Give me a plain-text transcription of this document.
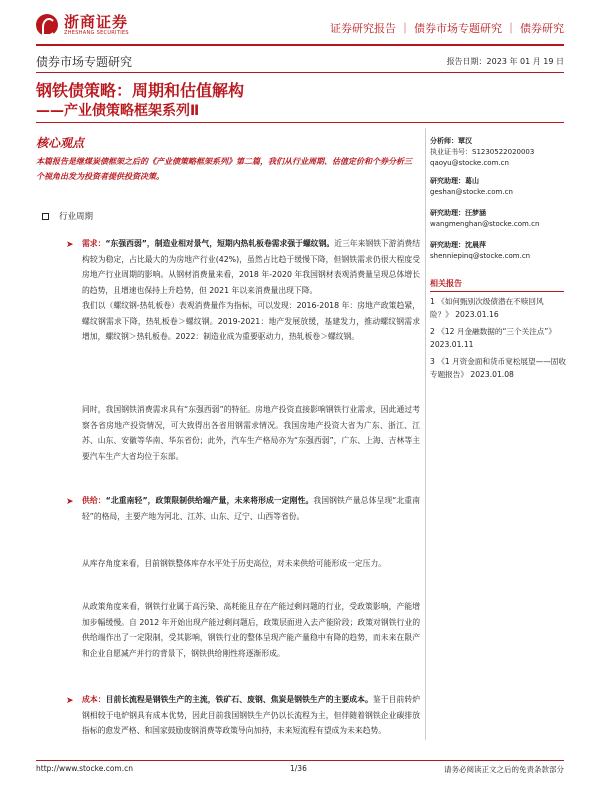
浙商证券
ZHESHANG SECURITIES	证券研究报告 ｜ 债券市场专题研究 ｜ 债券研究
债券市场专题研究	报告日期：2023 年 01 月 19 日
钢铁债策略：周期和估值解构
——产业债策略框架系列Ⅱ
核心观点
本篇报告是继煤炭债框架之后的《产业债策略框架系列》第二篇，我们从行业周期、估值定价和个券分析三个视角出发为投资者提供投资决策。
行业周期
➤ 需求：“东强西弱”，制造业相对景气，短期内热轧板卷需求强于螺纹钢。近三年来钢铁下游消费结构较为稳定，占比最大的为房地产行业(42%)，虽然占比趋于缓慢下降，但钢铁需求仍很大程度受房地产行业周期的影响。从钢材消费量来看，2018 年-2020 年我国钢材表观消费量呈现总体增长的趋势，且增速也保持上升趋势，但 2021 年以来消费量出现下降。
我们以（螺纹钢-热轧板卷）表观消费量作为指标，可以发现：2016-2018 年：房地产政策趋紧，螺纹钢需求下降，热轧板卷＞螺纹钢。2019-2021：地产发展放缓，基建发力，推动螺纹钢需求增加，螺纹钢＞热轧板卷。2022：制造业成为重要驱动力，热轧板卷＞螺纹钢。
同时，我国钢铁消费需求具有“东强西弱”的特征。房地产投资直接影响钢铁行业需求，因此通过考察各省房地产投资情况，可大致得出各省用钢需求情况。我国房地产投资大省为广东、浙江、江苏、山东、安徽等华南、华东省份；此外，汽车生产格局亦为“东强西弱”，广东、上海、吉林等主要汽车生产大省均位于东部。
➤ 供给：“北重南轻”，政策限制供给端产量，未来将形成一定刚性。我国钢铁产量总体呈现“北重南轻”的格局，主要产地为河北、江苏、山东、辽宁、山西等省份。
从库存角度来看，目前钢铁整体库存水平处于历史高位，对未来供给可能形成一定压力。
从政策角度来看，钢铁行业属于高污染、高耗能且存在产能过剩问题的行业，受政策影响，产能增加步幅缓慢。自 2012 年开始出现产能过剩问题后，政策层面进入去产能阶段；政策对钢铁行业的供给端作出了一定限制，受其影响，钢铁行业的整体呈现产能产量稳中有降的趋势，而未来在限产和企业自愿减产并行的背景下，钢铁供给刚性将逐渐形成。
➤ 成本：目前长流程是钢铁生产的主流，铁矿石、废钢、焦炭是钢铁生产的主要成本。鉴于目前转炉钢相较于电炉钢具有成本优势，因此目前我国钢铁生产仍以长流程为主，但伴随着钢铁企业碳排放指标的愈发严格、和国家鼓励废钢消费等政策导向加持，未来短流程有望成为未来趋势。
分析师：覃汉
执业证书号：S1230522020003
qaoyu@stocke.com.cn
研究助理：葛山
geshan@stocke.com.cn
研究助理：汪梦涵
wangmenghan@stocke.com.cn
研究助理：沈晨萍
shenniepinq@stocke.com.cn
相关报告
1 《如何甄别次级债潜在不赎回风险？》 2023.01.16
2 《12 月金融数据的“三个关注点”》 2023.01.11
3 《1 月资金面和货币宽松展望——固收专题报告》 2023.01.08
http://www.stocke.com.cn	1/36	请务必阅读正文之后的免责条款部分
